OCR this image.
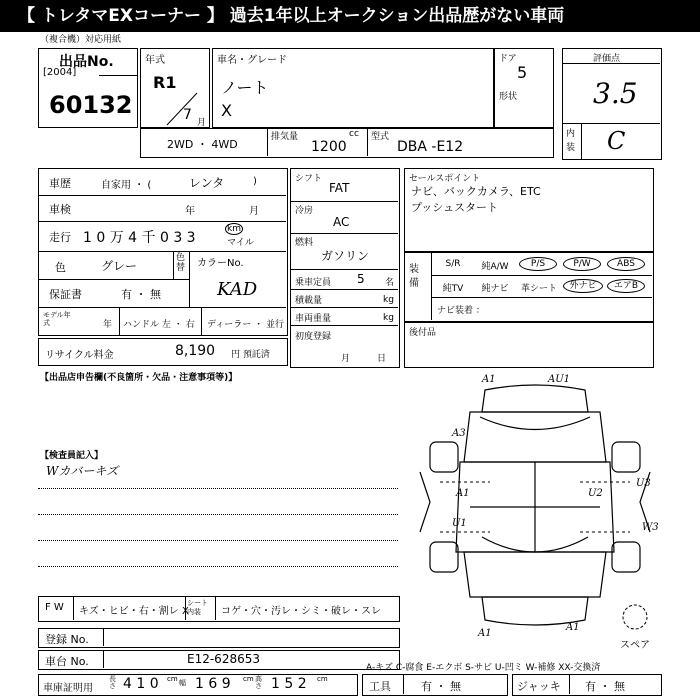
【 トレタマEXコーナー 】 過去1年以上オークション出品歴がない車両
（複合機）対応用紙
出品No.
[2004]
60132
年式
R1
7 月
車名・グレード
ノート
X
ドア
5
形状
評価点
3.5
内装 C
2WD ・ 4WD
排気量	cc
1200
型式
DBA -E12
車歴	自家用 ・ (	レンタ	)
車検	年	月
走行 1 0 万 4 千 0 3 3
km
マイル
色	グレー
色替 カラーNo.
KAD
保証書	有 ・ 無
モデル年式	年 ハンドル 左 ・ 右 ディーラー ・ 並行
リサイクル料金	8,190 円 預託済
シフト
FAT
冷房
AC
燃料
ガソリン
乗車定員 5 名
積載量	kg
車両重量	kg
初度登録
月	日
セールスポイント
ナビ、バックカメラ、ETC
プッシュスタート
装備
S/R	純A/W	P/S	P/W	ABS
純TV	純ナビ	革シート	外ナビ	エアB
ナビ装着 ：
後付品
【出品店申告欄(不良箇所・欠品・注意事項等)】
【検査員記入】
Wカバーキズ
A1	AU1
A3
A1	U2
U3
U1	W3
A1
A1
スペア
F W キズ・ヒビ・右・割レ X
シート内装	コゲ・穴・汚レ・シミ・破レ・スレ
登録 No.
車台 No.	E12-628653
A-キズ C-腐食 E-エクボ S-サビ U-凹ミ W-補修 XX-交換済
車庫証明用
長さ 4 1 0 cm 幅 1 6 9 cm 高さ 1 5 2 cm
工具	有 ・ 無	ジャッキ 有 ・ 無
